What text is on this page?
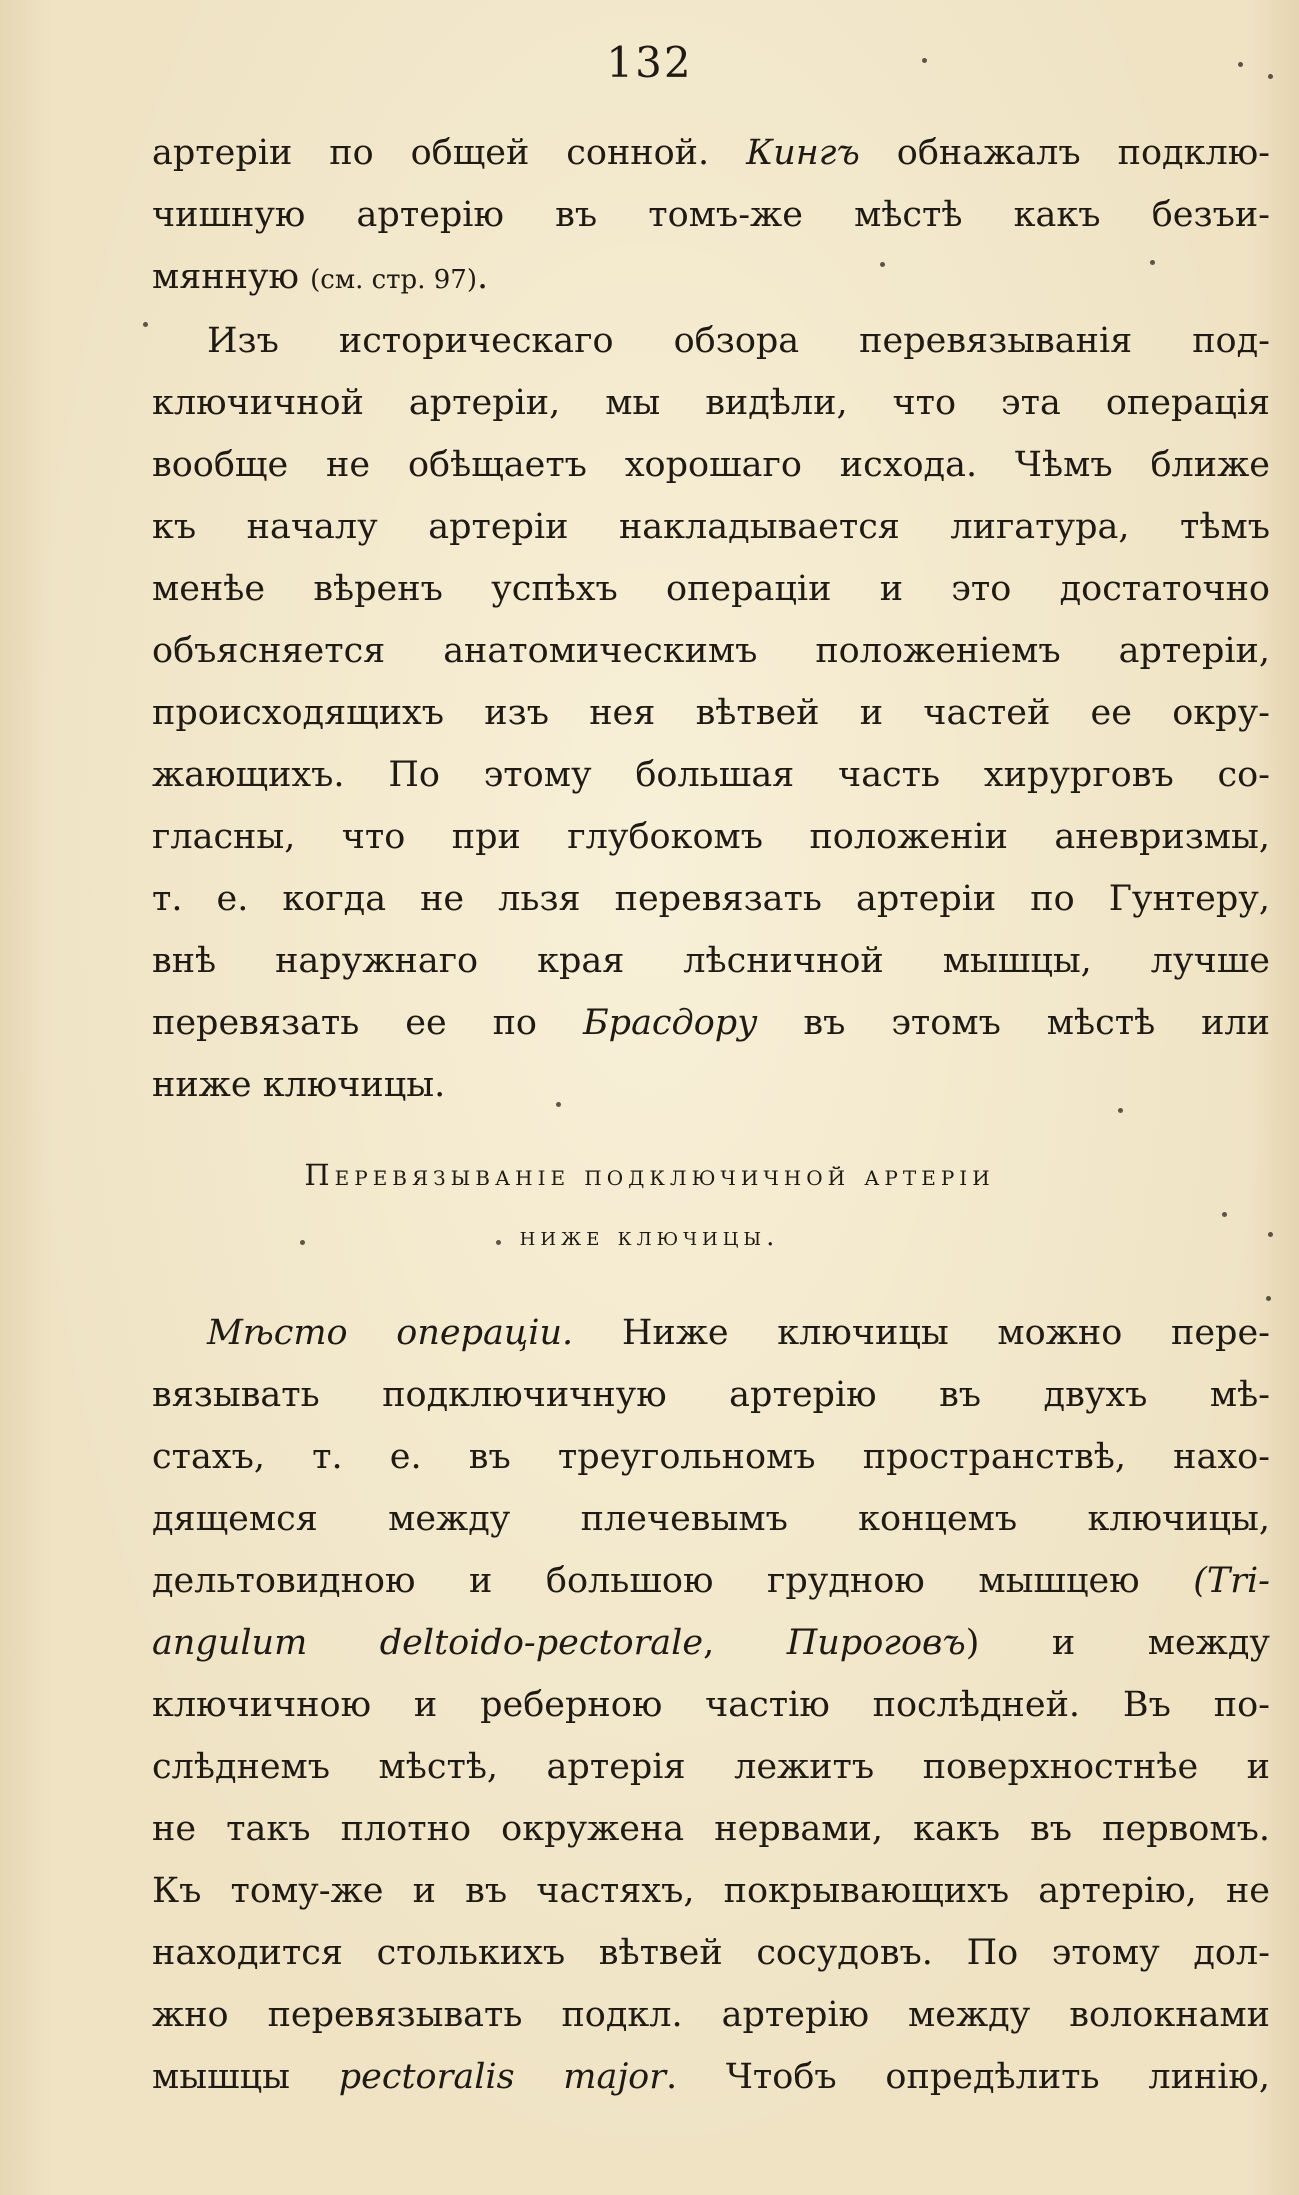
132
артеріи по общей сонной. Кингъ обнажалъ подклю-
чишную артерію въ томъ-же мѣстѣ какъ безъи-
мянную (см. стр. 97).
Изъ историческаго обзора перевязыванія под-
ключичной артеріи, мы видѣли, что эта операція
вообще не обѣщаетъ хорошаго исхода. Чѣмъ ближе
къ началу артеріи накладывается лигатура, тѣмъ
менѣе вѣренъ успѣхъ операціи и это достаточно
объясняется анатомическимъ положеніемъ артеріи,
происходящихъ изъ нея вѣтвей и частей ее окру-
жающихъ. По этому большая часть хирурговъ со-
гласны, что при глубокомъ положеніи аневризмы,
т. е. когда не льзя перевязать артеріи по Гунтеру,
внѣ наружнаго края лѣсничной мышцы, лучше
перевязать ее по Брасдору въ этомъ мѣстѣ или
ниже ключицы.
Перевязываніе подключичной артеріи
ниже ключицы.
Мѣсто операціи. Ниже ключицы можно пере-
вязывать подключичную артерію въ двухъ мѣ-
стахъ, т. е. въ треугольномъ пространствѣ, нахо-
дящемся между плечевымъ концемъ ключицы,
дельтовидною и большою грудною мышцею (Tri-
angulum deltoido-pectorale, Пироговъ) и между
ключичною и реберною частію послѣдней. Въ по-
слѣднемъ мѣстѣ, артерія лежитъ поверхностнѣе и
не такъ плотно окружена нервами, какъ въ первомъ.
Къ тому-же и въ частяхъ, покрывающихъ артерію, не
находится столькихъ вѣтвей сосудовъ. По этому дол-
жно перевязывать подкл. артерію между волокнами
мышцы pectoralis major. Чтобъ опредѣлить линію,
